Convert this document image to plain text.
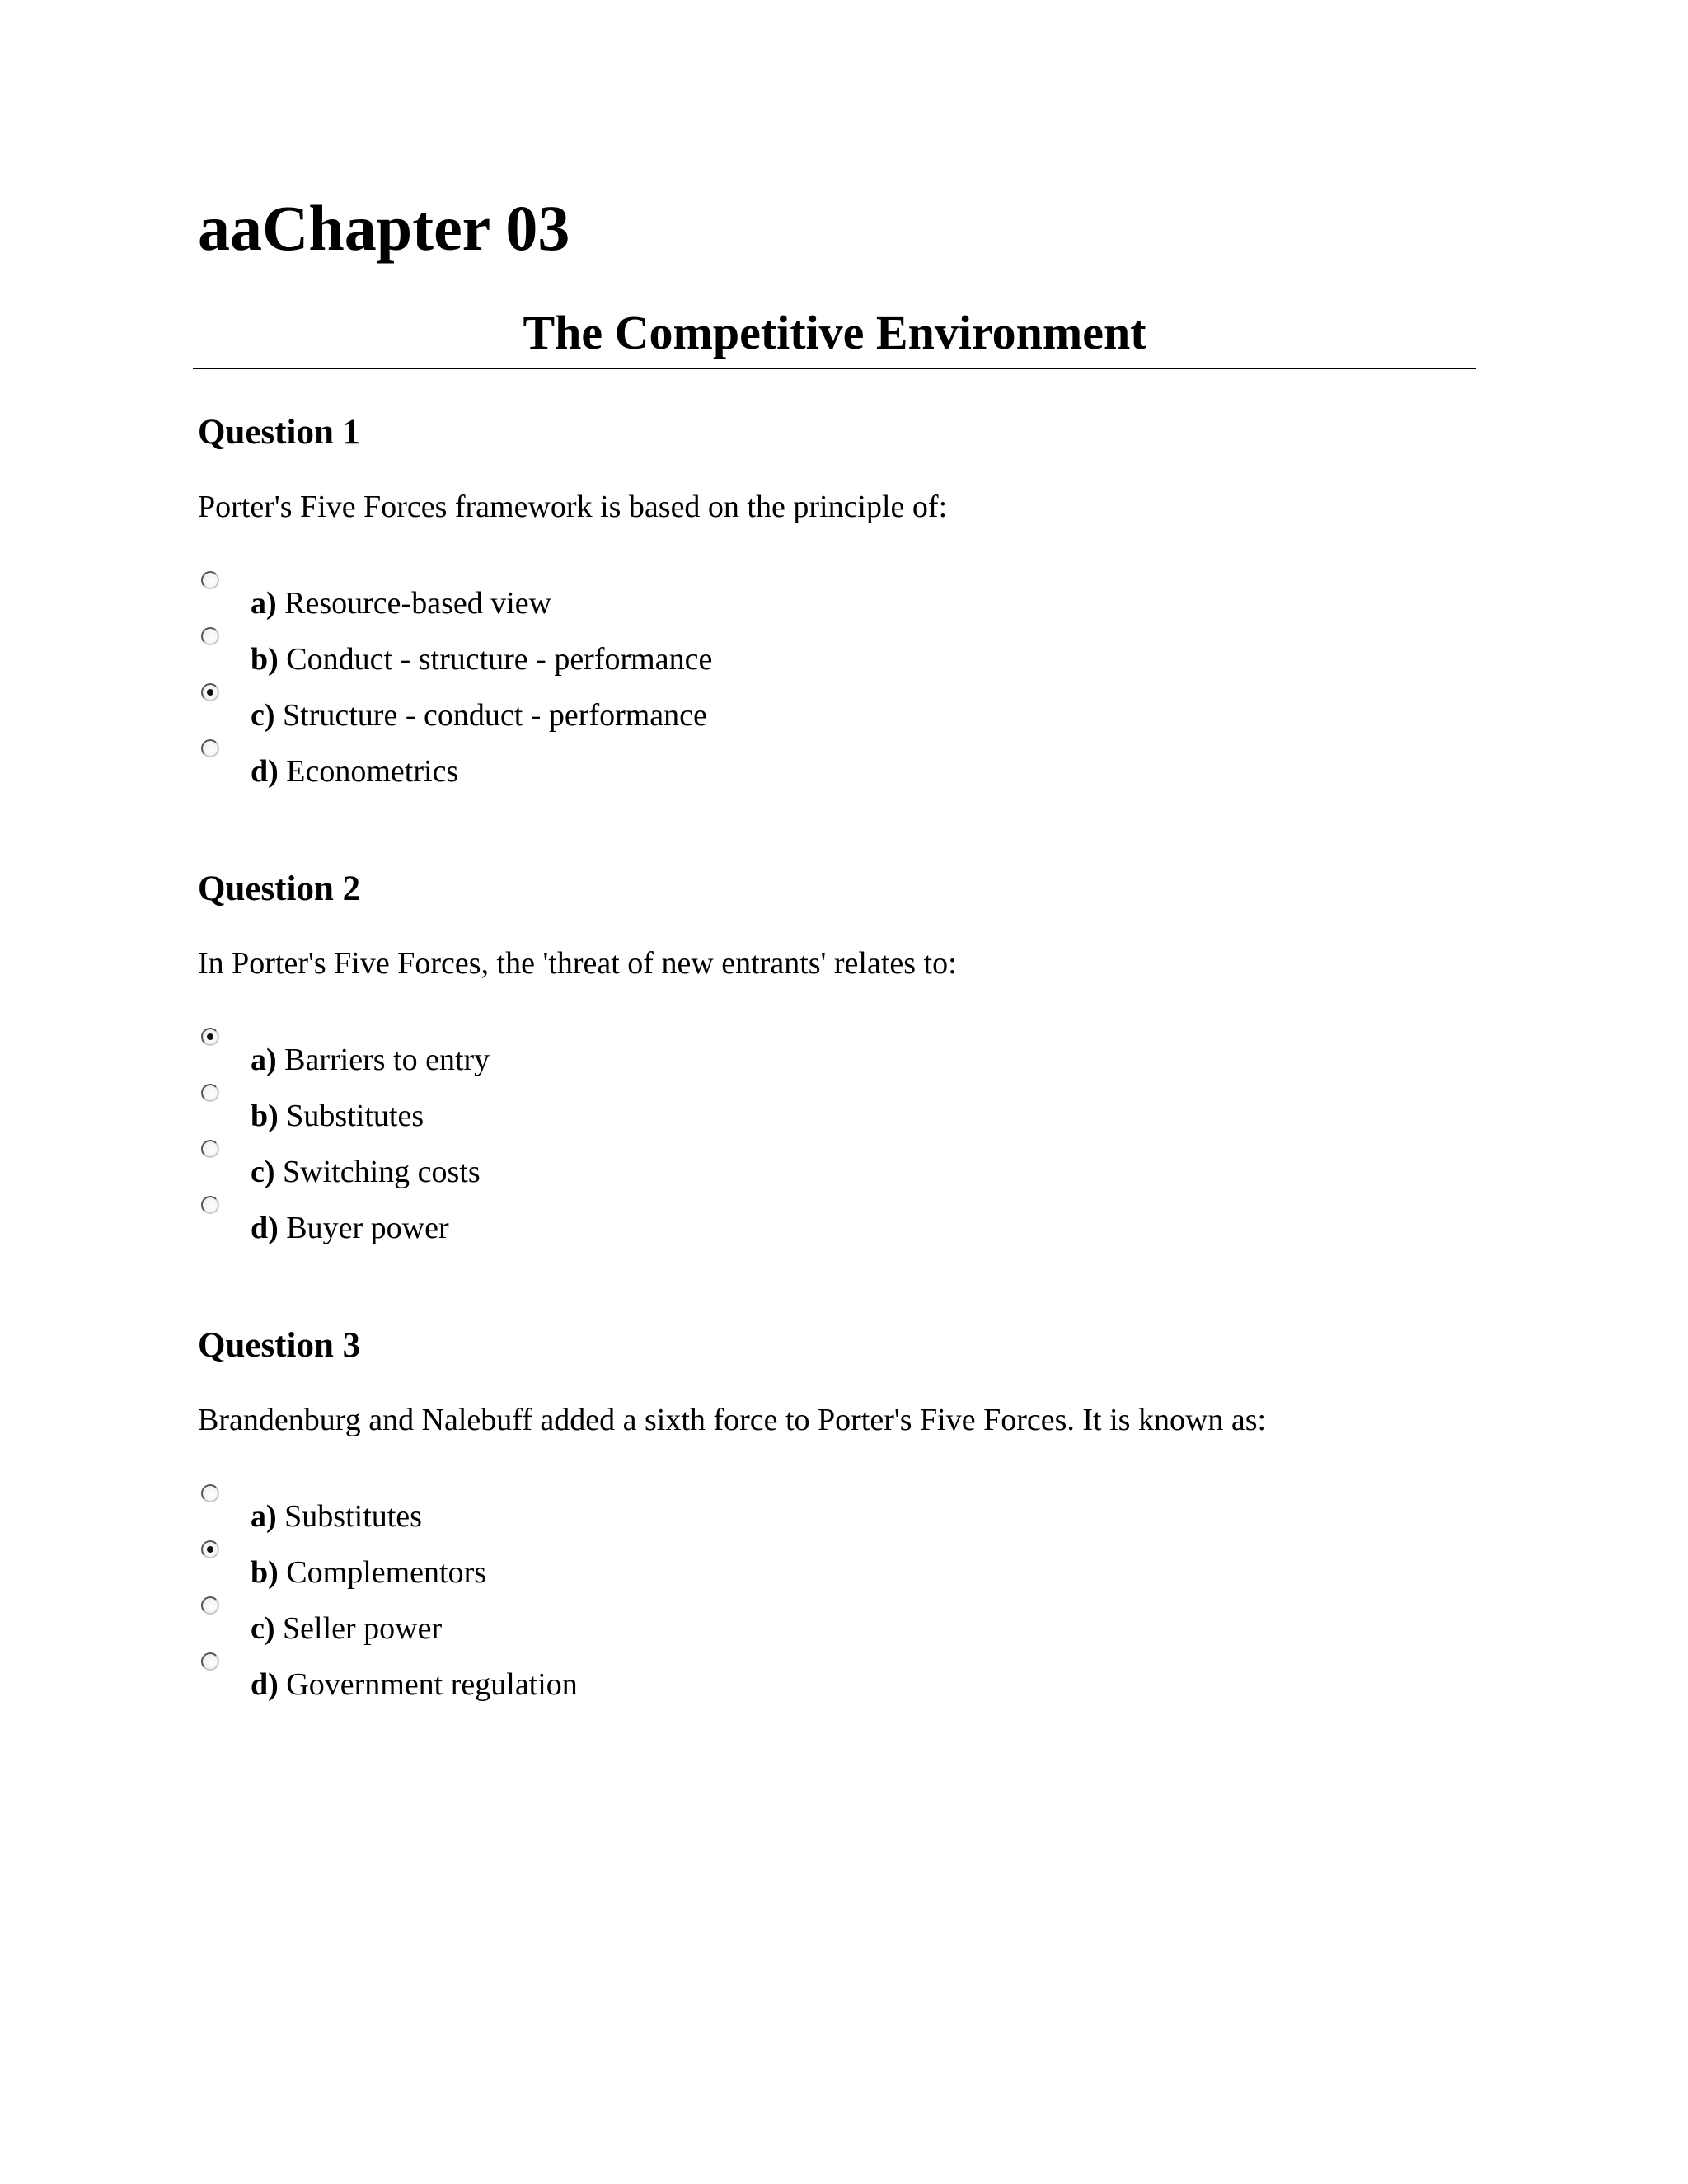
aaChapter 03
The Competitive Environment
Question 1

Porter's Five Forces framework is based on the principle of:

a) Resource-based view
b) Conduct - structure - performance
c) Structure - conduct - performance
d) Econometrics
Question 2

In Porter's Five Forces, the 'threat of new entrants' relates to:

a) Barriers to entry
b) Substitutes
c) Switching costs
d) Buyer power
Question 3

Brandenburg and Nalebuff added a sixth force to Porter's Five Forces. It is known as:

a) Substitutes
b) Complementors
c) Seller power
d) Government regulation
